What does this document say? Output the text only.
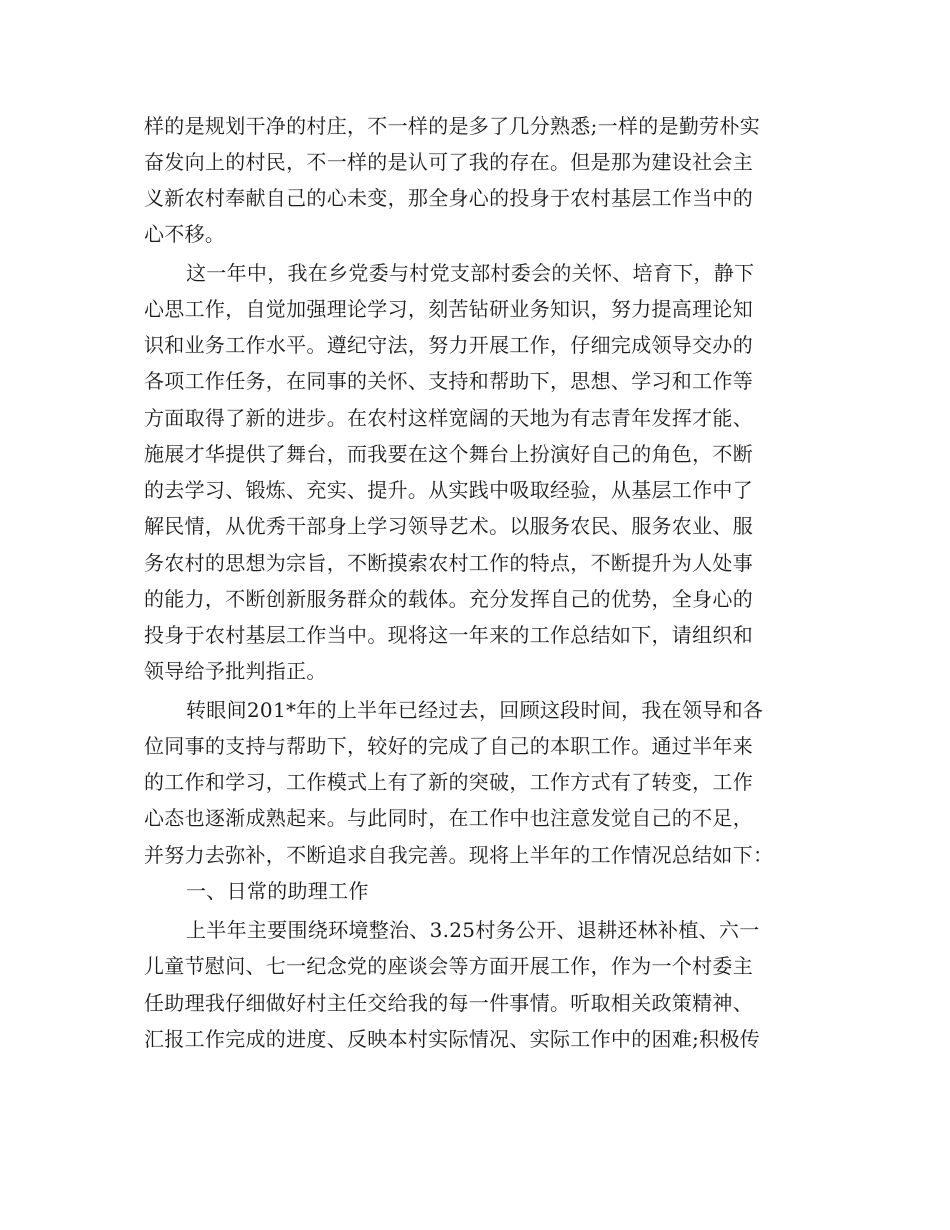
样的是规划干净的村庄，不一样的是多了几分熟悉;一样的是勤劳朴实
奋发向上的村民，不一样的是认可了我的存在。但是那为建设社会主
义新农村奉献自己的心未变，那全身心的投身于农村基层工作当中的
心不移。
这一年中，我在乡党委与村党支部村委会的关怀、培育下，静下
心思工作，自觉加强理论学习，刻苦钻研业务知识，努力提高理论知
识和业务工作水平。遵纪守法，努力开展工作，仔细完成领导交办的
各项工作任务，在同事的关怀、支持和帮助下，思想、学习和工作等
方面取得了新的进步。在农村这样宽阔的天地为有志青年发挥才能、
施展才华提供了舞台，而我要在这个舞台上扮演好自己的角色，不断
的去学习、锻炼、充实、提升。从实践中吸取经验，从基层工作中了
解民情，从优秀干部身上学习领导艺术。以服务农民、服务农业、服
务农村的思想为宗旨，不断摸索农村工作的特点，不断提升为人处事
的能力，不断创新服务群众的载体。充分发挥自己的优势，全身心的
投身于农村基层工作当中。现将这一年来的工作总结如下，请组织和
领导给予批判指正。
转眼间201*年的上半年已经过去，回顾这段时间，我在领导和各
位同事的支持与帮助下，较好的完成了自己的本职工作。通过半年来
的工作和学习，工作模式上有了新的突破，工作方式有了转变，工作
心态也逐渐成熟起来。与此同时，在工作中也注意发觉自己的不足，
并努力去弥补，不断追求自我完善。现将上半年的工作情况总结如下：
一、日常的助理工作
上半年主要围绕环境整治、3.25村务公开、退耕还林补植、六一
儿童节慰问、七一纪念党的座谈会等方面开展工作，作为一个村委主
任助理我仔细做好村主任交给我的每一件事情。听取相关政策精神、
汇报工作完成的进度、反映本村实际情况、实际工作中的困难;积极传
